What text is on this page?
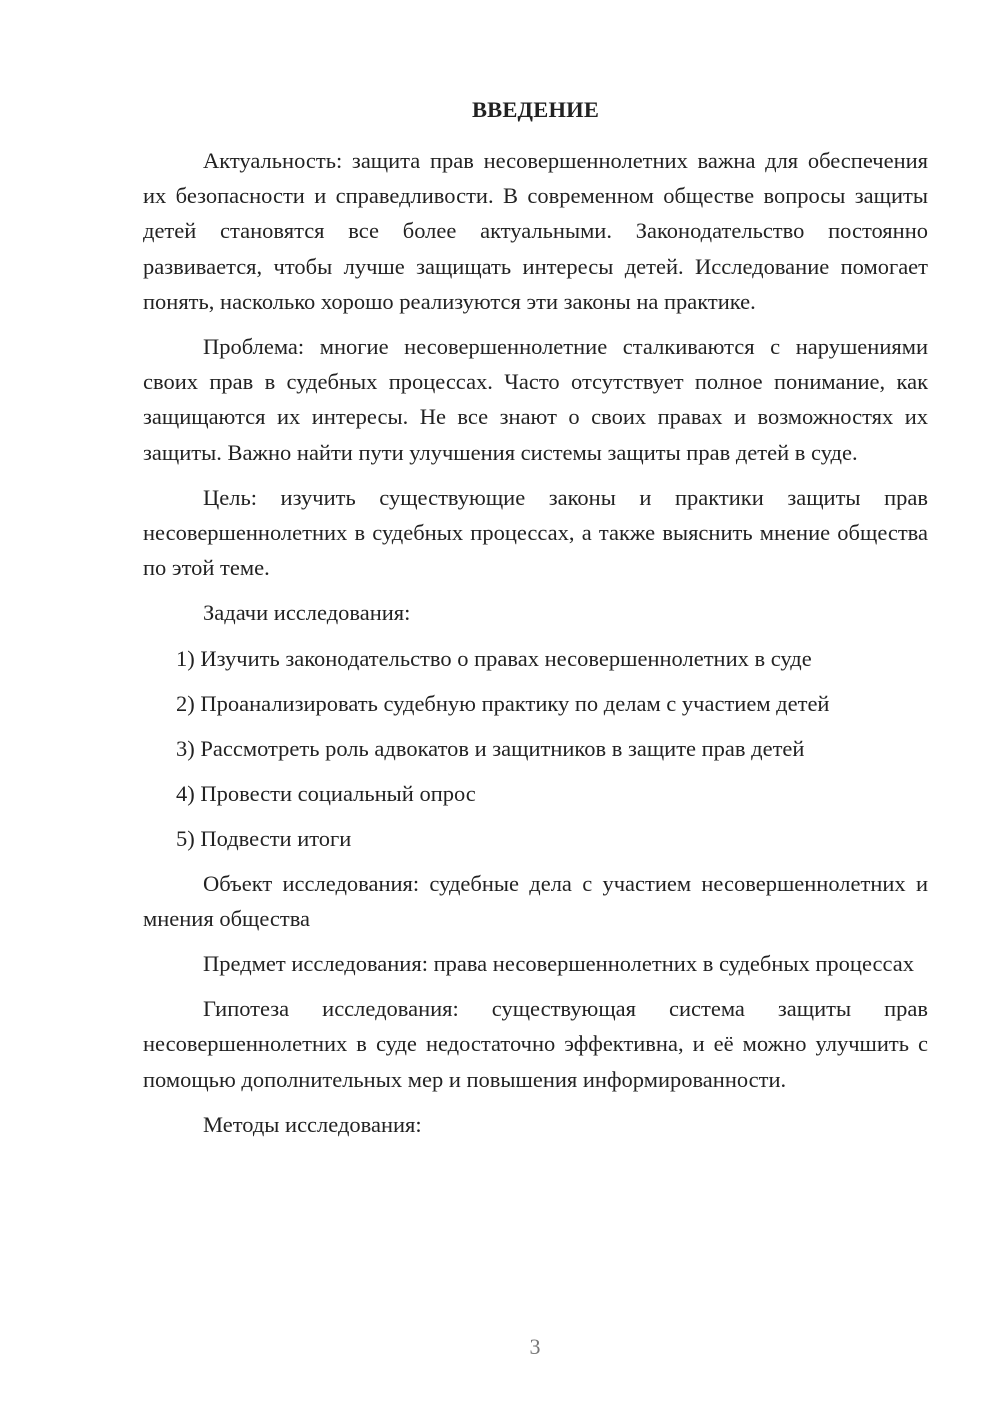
ВВЕДЕНИЕ

Актуальность: защита прав несовершеннолетних важна для обеспечения их безопасности и справедливости. В современном обществе вопросы защиты детей становятся все более актуальными. Законодательство постоянно развивается, чтобы лучше защищать интересы детей. Исследование помогает понять, насколько хорошо реализуются эти законы на практике.

Проблема: многие несовершеннолетние сталкиваются с нарушениями своих прав в судебных процессах. Часто отсутствует полное понимание, как защищаются их интересы. Не все знают о своих правах и возможностях их защиты. Важно найти пути улучшения системы защиты прав детей в суде.

Цель: изучить существующие законы и практики защиты прав несовершеннолетних в судебных процессах, а также выяснить мнение общества по этой теме.

Задачи исследования:

1) Изучить законодательство о правах несовершеннолетних в суде
2) Проанализировать судебную практику по делам с участием детей
3) Рассмотреть роль адвокатов и защитников в защите прав детей
4) Провести социальный опрос
5) Подвести итоги

Объект исследования: судебные дела с участием несовершеннолетних и мнения общества

Предмет исследования: права несовершеннолетних в судебных процессах

Гипотеза исследования: существующая система защиты прав несовершеннолетних в суде недостаточно эффективна, и её можно улучшить с помощью дополнительных мер и повышения информированности.

Методы исследования:

3
